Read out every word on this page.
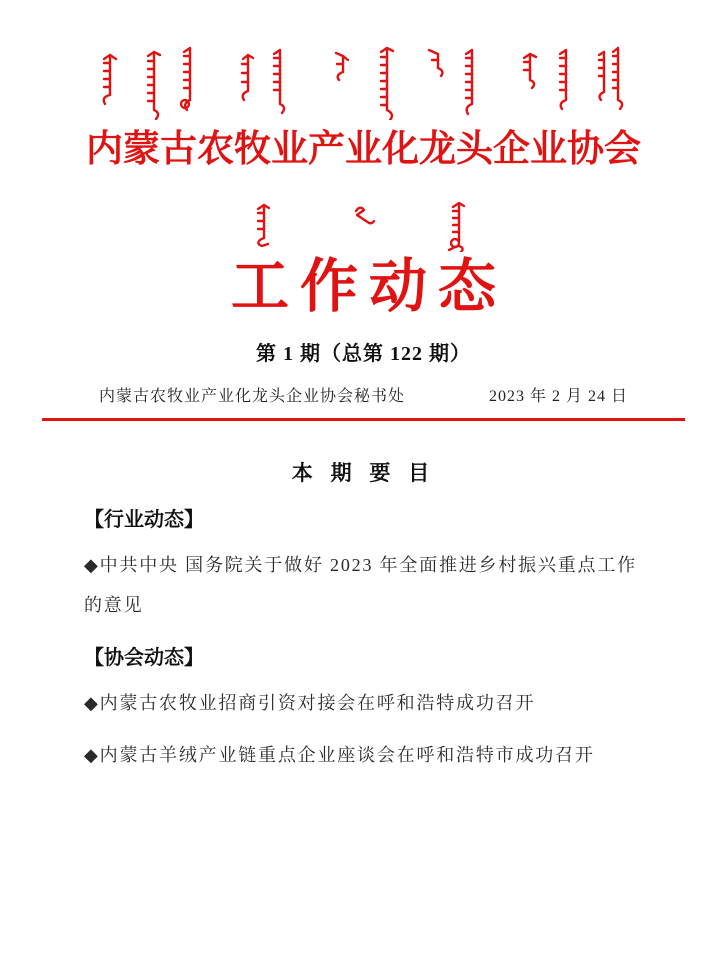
内蒙古农牧业产业化龙头企业协会
工作动态
第 1 期（总第 122 期）
内蒙古农牧业产业化龙头企业协会秘书处	2023 年 2 月 24 日
本 期 要 目
【行业动态】

◆中共中央 国务院关于做好 2023 年全面推进乡村振兴重点工作的意见

【协会动态】

◆内蒙古农牧业招商引资对接会在呼和浩特成功召开

◆内蒙古羊绒产业链重点企业座谈会在呼和浩特市成功召开
